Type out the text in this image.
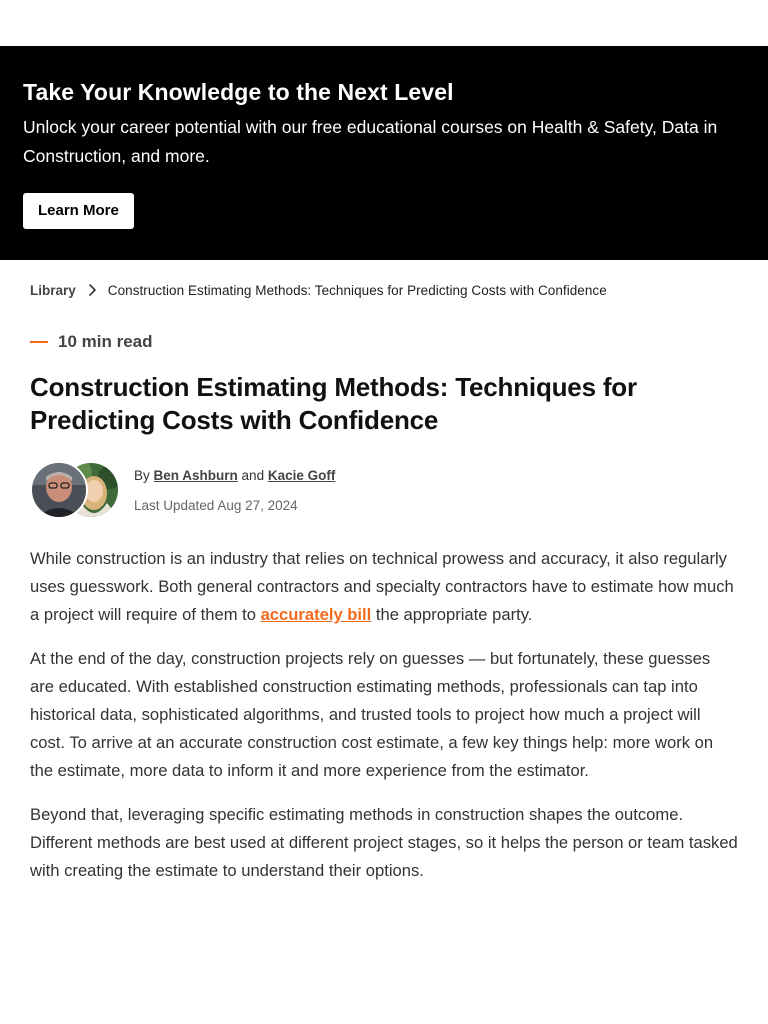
Take Your Knowledge to the Next Level

Unlock your career potential with our free educational courses on Health & Safety, Data in Construction, and more.

Learn More
Library Construction Estimating Methods: Techniques for Predicting Costs with Confidence
10 min read
Construction Estimating Methods: Techniques for Predicting Costs with Confidence
By Ben Ashburn and Kacie Goff
Last Updated Aug 27, 2024

While construction is an industry that relies on technical prowess and accuracy, it also regularly uses guesswork. Both general contractors and specialty contractors have to estimate how much a project will require of them to accurately bill the appropriate party.

At the end of the day, construction projects rely on guesses — but fortunately, these guesses are educated. With established construction estimating methods, professionals can tap into historical data, sophisticated algorithms, and trusted tools to project how much a project will cost. To arrive at an accurate construction cost estimate, a few key things help: more work on the estimate, more data to inform it and more experience from the estimator.

Beyond that, leveraging specific estimating methods in construction shapes the outcome. Different methods are best used at different project stages, so it helps the person or team tasked with creating the estimate to understand their options.
